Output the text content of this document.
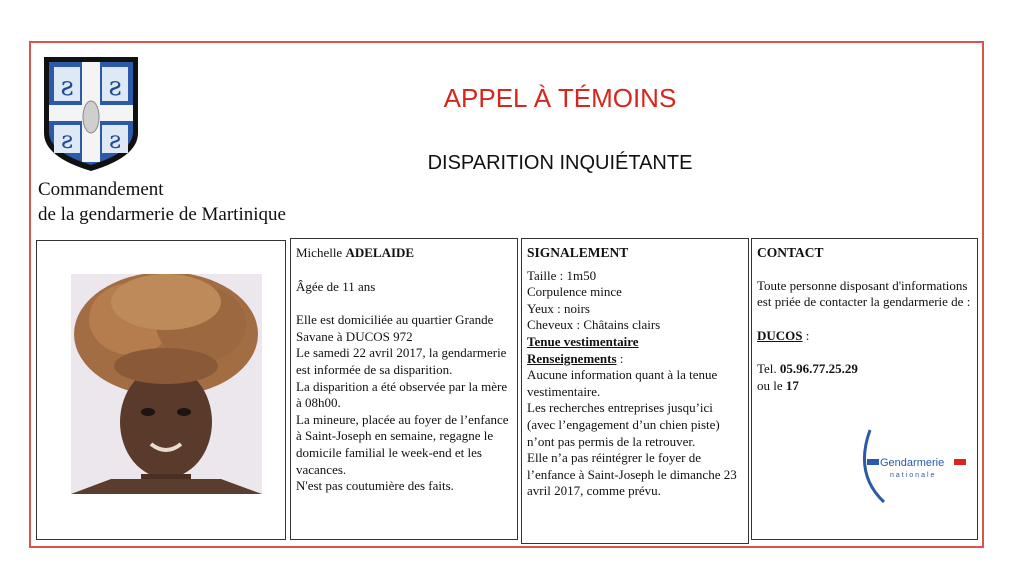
ƨ ƨ
ƨ ƨ
Commandement
de la gendarmerie de Martinique
APPEL À TÉMOINS
DISPARITION INQUIÉTANTE
Michelle ADELAIDE
Âgée de 11 ans
Elle est domiciliée au quartier Grande Savane à DUCOS 972
Le samedi 22 avril 2017, la gendarmerie est informée de sa disparition.
La disparition a été observée par la mère à 08h00.
La mineure, placée au foyer de l’enfance à Saint-Joseph en semaine, regagne le domicile familial le week-end et les vacances.
N'est pas coutumière des faits.
SIGNALEMENT
Taille : 1m50
Corpulence mince
Yeux : noirs
Cheveux : Châtains clairs
Tenue vestimentaire
Renseignements :
Aucune information quant à la tenue vestimentaire.
Les recherches entreprises jusqu’ici (avec l’engagement d’un chien piste) n’ont pas permis de la retrouver.
Elle n’a pas réintégrer le foyer de l’enfance à Saint-Joseph le dimanche 23 avril 2017, comme prévu.
CONTACT
Toute personne disposant d'informations est priée de contacter la gendarmerie de :
DUCOS :
Tel. 05.96.77.25.29
ou le 17
Gendarmerie
nationale
